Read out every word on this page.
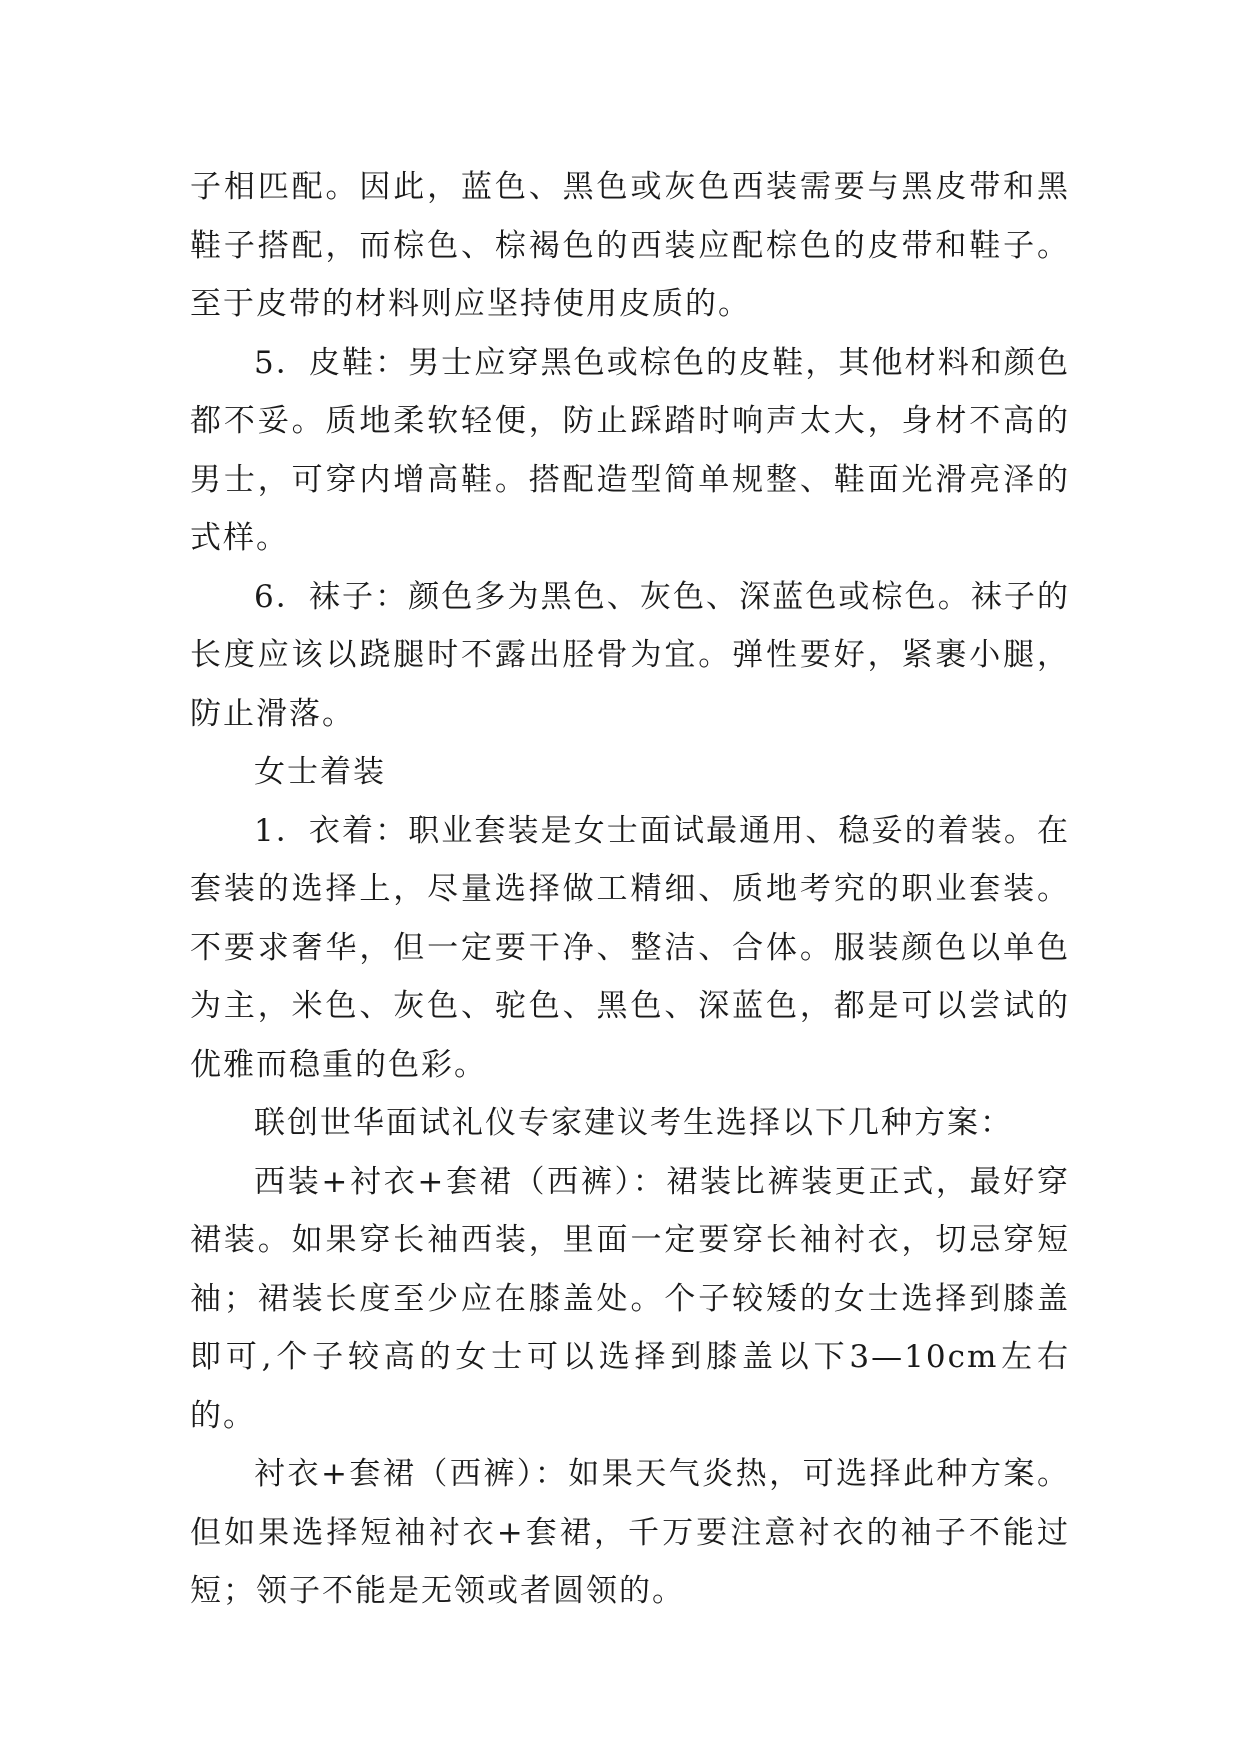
子相匹配。因此，蓝色、黑色或灰色西装需要与黑皮带和黑鞋子搭配，而棕色、棕褐色的西装应配棕色的皮带和鞋子。至于皮带的材料则应坚持使用皮质的。

5．皮鞋：男士应穿黑色或棕色的皮鞋，其他材料和颜色都不妥。质地柔软轻便，防止踩踏时响声太大，身材不高的男士，可穿内增高鞋。搭配造型简单规整、鞋面光滑亮泽的式样。

6．袜子：颜色多为黑色、灰色、深蓝色或棕色。袜子的长度应该以跷腿时不露出胫骨为宜。弹性要好，紧裹小腿，防止滑落。

女士着装

1．衣着：职业套装是女士面试最通用、稳妥的着装。在套装的选择上，尽量选择做工精细、质地考究的职业套装。不要求奢华，但一定要干净、整洁、合体。服装颜色以单色为主，米色、灰色、驼色、黑色、深蓝色，都是可以尝试的优雅而稳重的色彩。

联创世华面试礼仪专家建议考生选择以下几种方案：

西装+衬衣+套裙（西裤）：裙装比裤装更正式，最好穿裙装。如果穿长袖西装，里面一定要穿长袖衬衣，切忌穿短袖；裙装长度至少应在膝盖处。个子较矮的女士选择到膝盖即可,个子较高的女士可以选择到膝盖以下3—10cm左右的。

衬衣+套裙（西裤）：如果天气炎热，可选择此种方案。但如果选择短袖衬衣+套裙，千万要注意衬衣的袖子不能过短；领子不能是无领或者圆领的。
